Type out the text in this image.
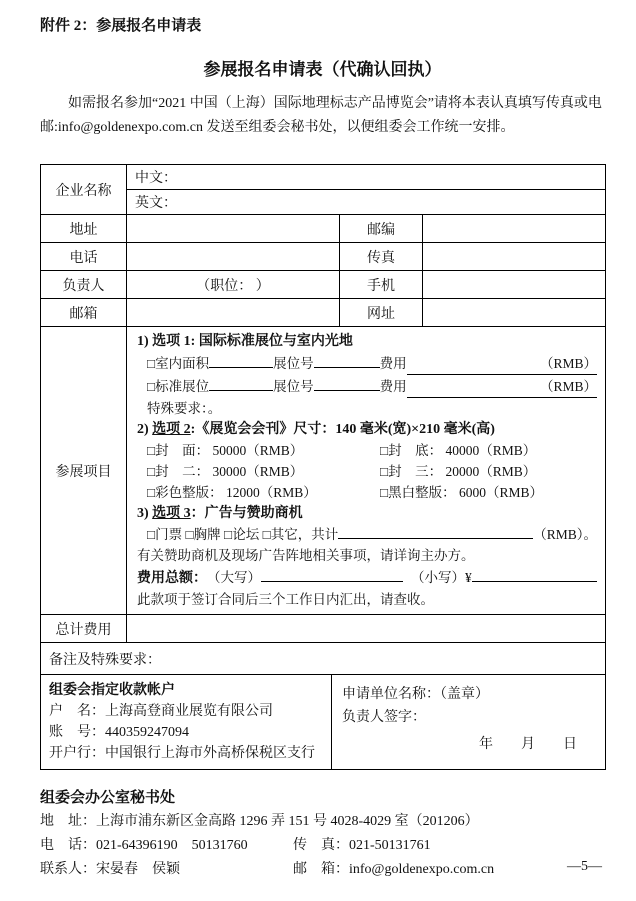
附件 2：参展报名申请表
参展报名申请表（代确认回执）

如需报名参加“2021 中国（上海）国际地理标志产品博览会”请将本表认真填写传真或电邮:info@goldenexpo.com.cn 发送至组委会秘书处，以便组委会工作统一安排。

企业名称	中文：		
	英文：		
地址		邮编	
电话		传真	
负责人	（职位： ）	手机	
邮箱		网址	
参展项目	
1) 选项 1: 国际标准展位与室内光地
□室内面积	展位号	费用	（RMB）
□标准展位	展位号	费用	（RMB）
特殊要求：。
2) 选项 2:《展览会会刊》尺寸：140 毫米(宽)×210 毫米(高)
□封　面： 50000（RMB）	□封　底： 40000（RMB）
□封　二： 30000（RMB）	□封　三： 20000（RMB）
□彩色整版： 12000（RMB）	□黑白整版： 6000（RMB）
3) 选项 3：广告与赞助商机
□门票 □胸牌 □论坛 □其它，共计	（RMB）。
有关赞助商机及现场广告阵地相关事项，请详询主办方。
费用总额： （大写）	（小写）¥
此款项于签订合同后三个工作日内汇出，请查收。

总计费用			
备注及特殊要求：			
组委会指定收款帐户
户　名：上海高登商业展览有限公司
账　号：440359247094
开户行：中国银行上海市外高桥保税区支行

申请单位名称：（盖章）
负责人签字：
年　　月　　日
组委会办公室秘书处
地　址：上海市浦东新区金高路 1296 弄 151 号 4028-4029 室（201206）
电　话：021-64396190　50131760	传　真：021-50131761
联系人：宋晏春　侯颖	邮　箱：info@goldenexpo.com.cn	—5—
